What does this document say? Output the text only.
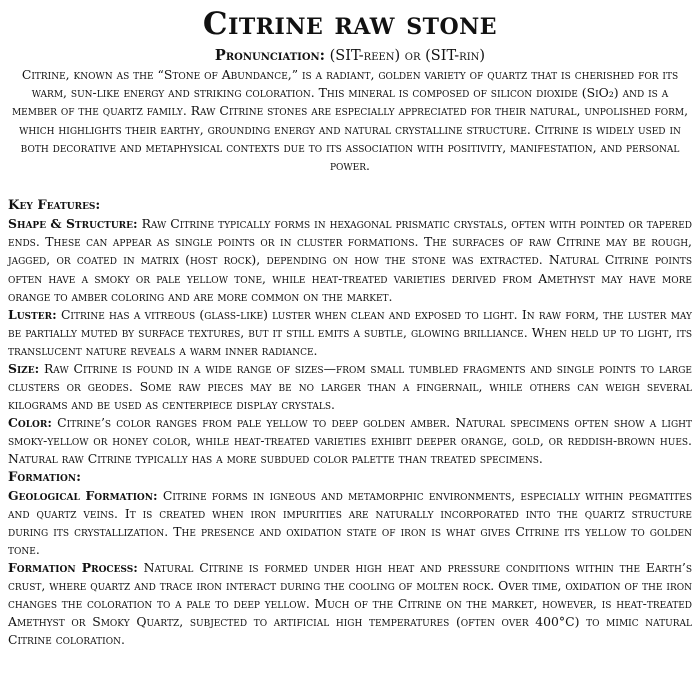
Citrine raw stone

Pronunciation: (SIT-reen) or (SIT-rin)

Citrine, known as the “Stone of Abundance,” is a radiant, golden variety of quartz that is cherished for its warm, sun-like energy and striking coloration. This mineral is composed of silicon dioxide (SiO₂) and is a member of the quartz family. Raw Citrine stones are especially appreciated for their natural, unpolished form, which highlights their earthy, grounding energy and natural crystalline structure. Citrine is widely used in both decorative and metaphysical contexts due to its association with positivity, manifestation, and personal power.

Key Features:

Shape & Structure: Raw Citrine typically forms in hexagonal prismatic crystals, often with pointed or tapered ends. These can appear as single points or in cluster formations. The surfaces of raw Citrine may be rough, jagged, or coated in matrix (host rock), depending on how the stone was extracted. Natural Citrine points often have a smoky or pale yellow tone, while heat-treated varieties derived from Amethyst may have more orange to amber coloring and are more common on the market.

Luster: Citrine has a vitreous (glass-like) luster when clean and exposed to light. In raw form, the luster may be partially muted by surface textures, but it still emits a subtle, glowing brilliance. When held up to light, its translucent nature reveals a warm inner radiance.

Size: Raw Citrine is found in a wide range of sizes—from small tumbled fragments and single points to large clusters or geodes. Some raw pieces may be no larger than a fingernail, while others can weigh several kilograms and be used as centerpiece display crystals.

Color: Citrine’s color ranges from pale yellow to deep golden amber. Natural specimens often show a light smoky-yellow or honey color, while heat-treated varieties exhibit deeper orange, gold, or reddish-brown hues. Natural raw Citrine typically has a more subdued color palette than treated specimens.

Formation:

Geological Formation: Citrine forms in igneous and metamorphic environments, especially within pegmatites and quartz veins. It is created when iron impurities are naturally incorporated into the quartz structure during its crystallization. The presence and oxidation state of iron is what gives Citrine its yellow to golden tone.

Formation Process: Natural Citrine is formed under high heat and pressure conditions within the Earth’s crust, where quartz and trace iron interact during the cooling of molten rock. Over time, oxidation of the iron changes the coloration to a pale to deep yellow. Much of the Citrine on the market, however, is heat-treated Amethyst or Smoky Quartz, subjected to artificial high temperatures (often over 400°C) to mimic natural Citrine coloration.
